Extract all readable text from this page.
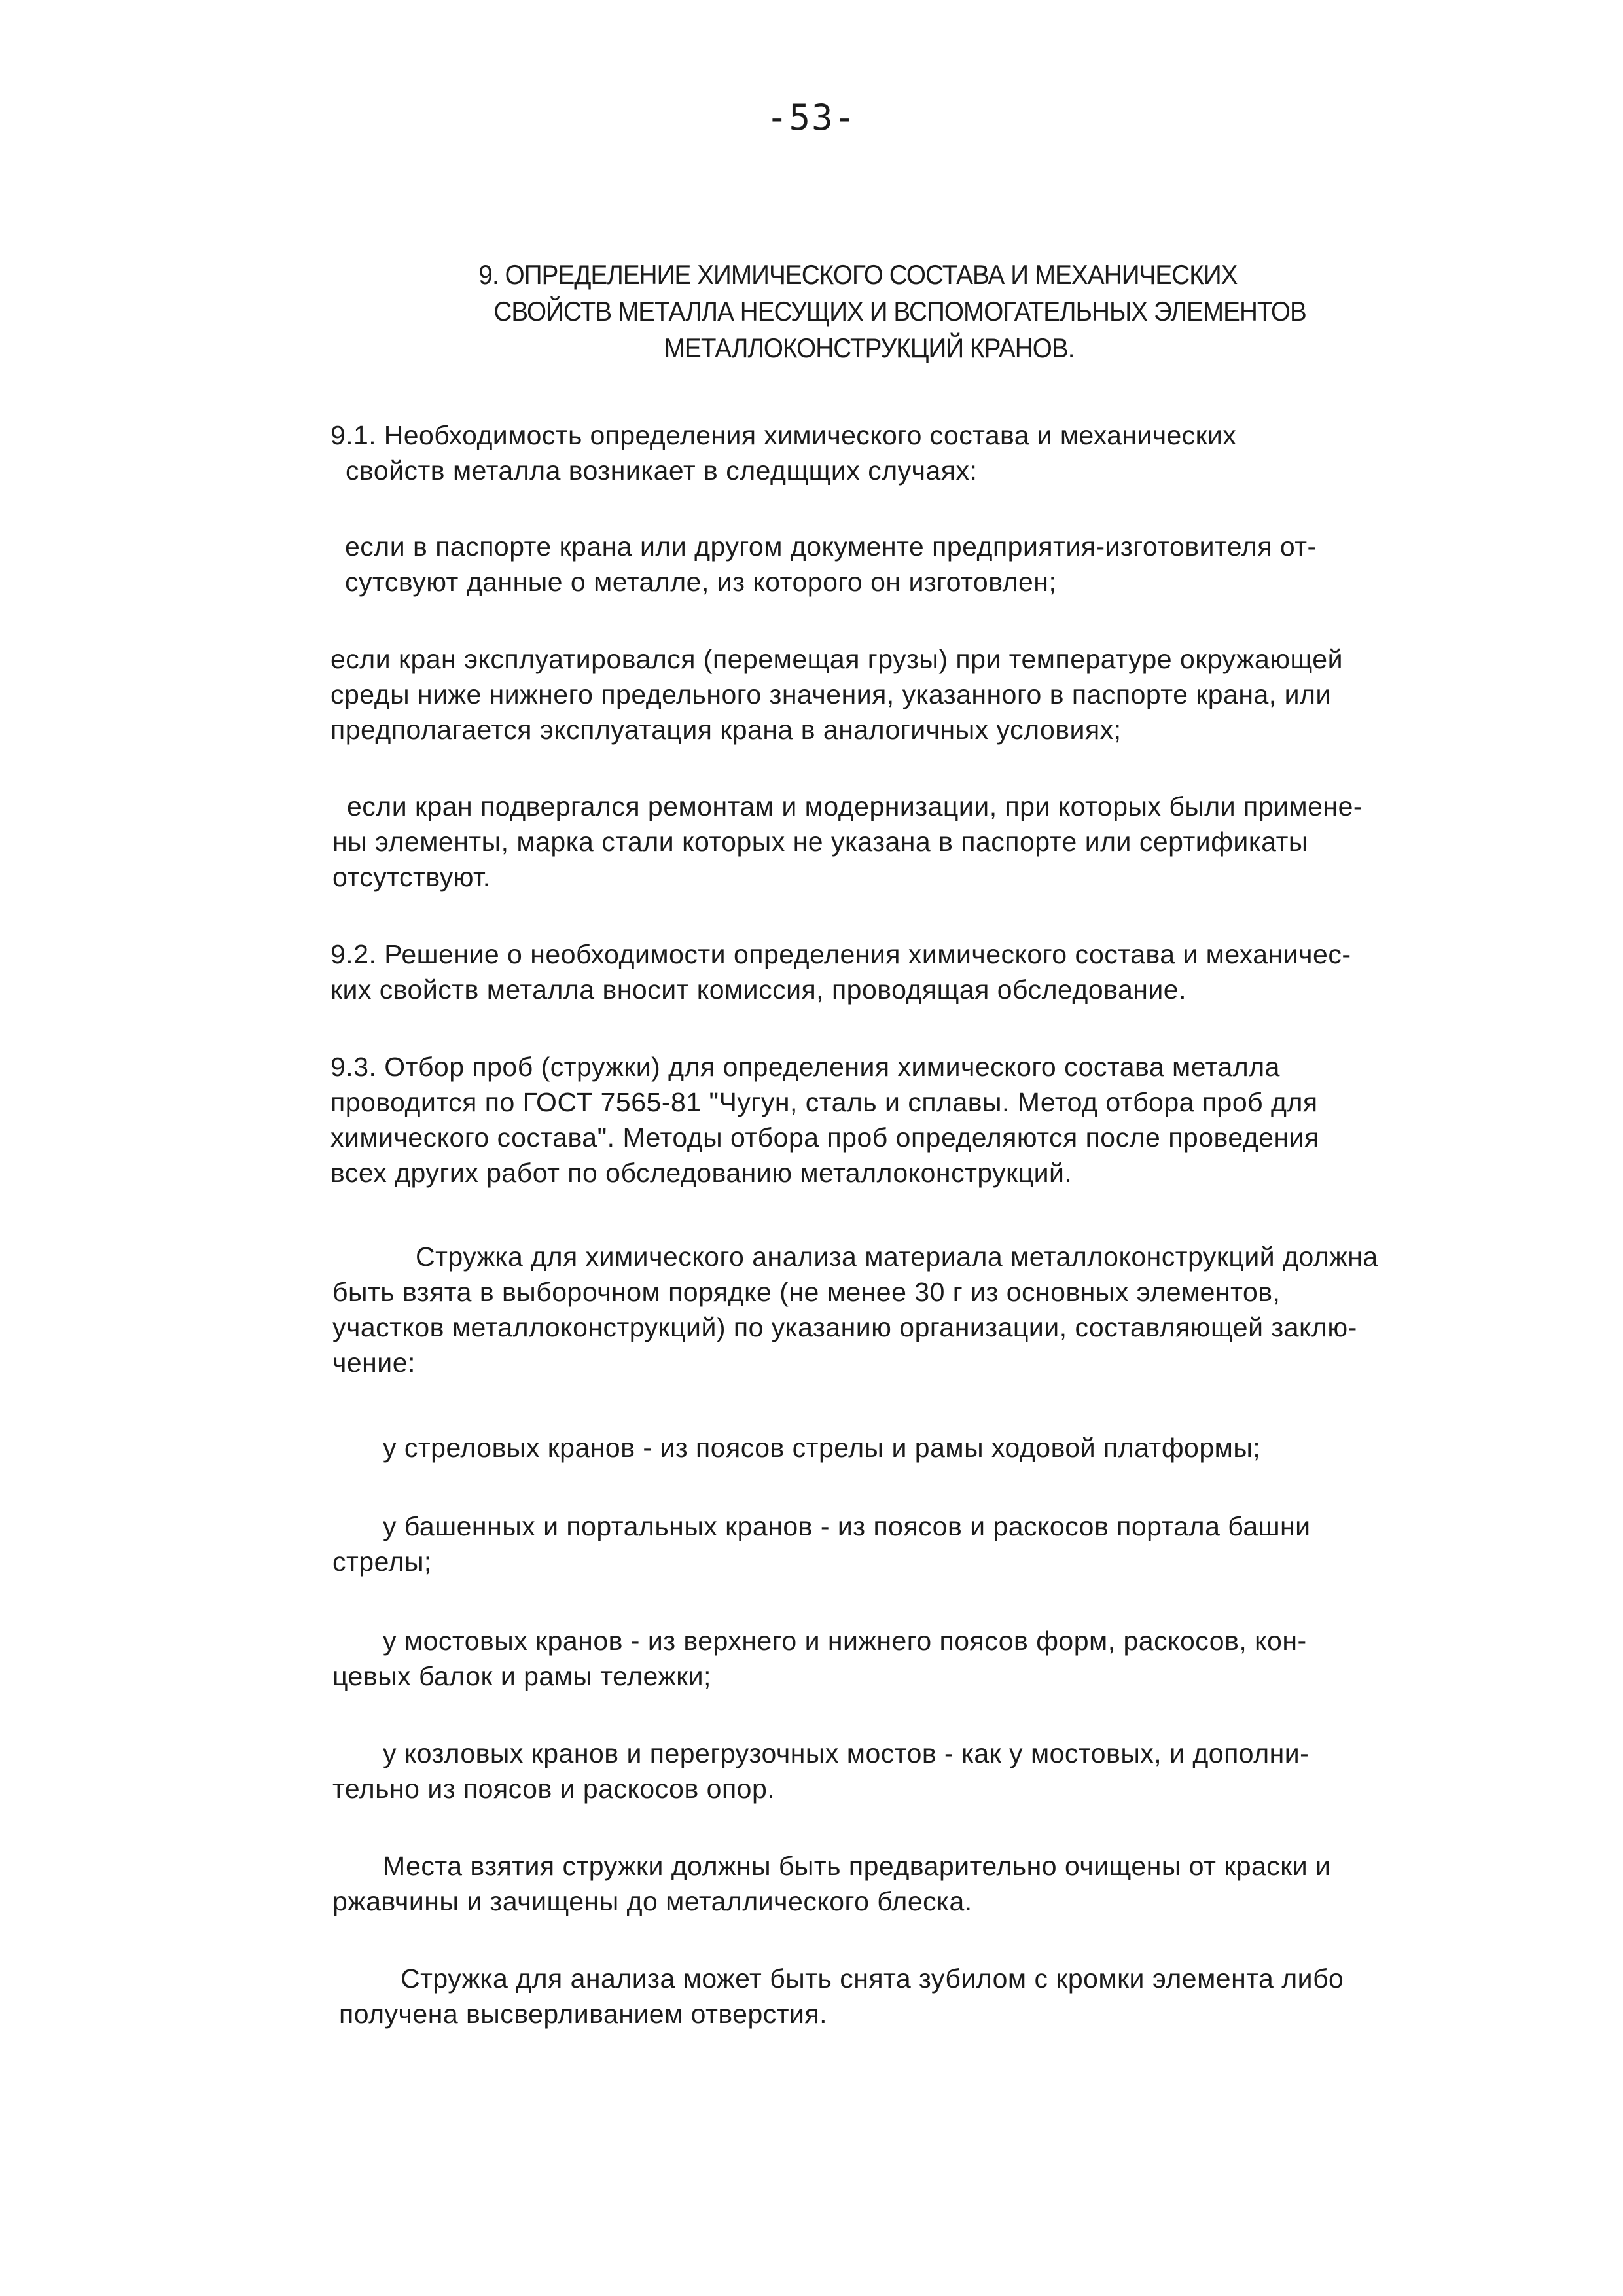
-53-
9. ОПРЕДЕЛЕНИЕ ХИМИЧЕСКОГО СОСТАВА И МЕХАНИЧЕСКИХ
СВОЙСТВ МЕТАЛЛА НЕСУЩИХ И ВСПОМОГАТЕЛЬНЫХ ЭЛЕМЕНТОВ
МЕТАЛЛОКОНСТРУКЦИЙ КРАНОВ.
9.1. Необходимость определения химического состава и механических
свойств металла возникает в следщщих случаях:
если в паспорте крана или другом документе предприятия-изготовителя от-
сутсвуют данные о металле, из которого он изготовлен;
если кран эксплуатировался (перемещая грузы) при температуре окружающей
среды ниже нижнего предельного значения, указанного в паспорте крана, или
предполагается эксплуатация крана в аналогичных условиях;
если кран подвергался ремонтам и модернизации, при которых были примене-
ны элементы, марка стали которых не указана в паспорте или сертификаты
отсутствуют.
9.2. Решение о необходимости определения химического состава и механичес-
ких свойств металла вносит комиссия, проводящая обследование.
9.3. Отбор проб (стружки) для определения химического состава металла
проводится по ГОСТ 7565-81 "Чугун, сталь и сплавы. Метод отбора проб для
химического состава". Методы отбора проб определяются после проведения
всех других работ по обследованию металлоконструкций.
Стружка для химического анализа материала металлоконструкций должна
быть взята в выборочном порядке (не менее 30 г из основных элементов,
участков металлоконструкций) по указанию организации, составляющей заклю-
чение:
у стреловых кранов - из поясов стрелы и рамы ходовой платформы;
у башенных и портальных кранов - из поясов и раскосов портала башни
стрелы;
у мостовых кранов - из верхнего и нижнего поясов форм, раскосов, кон-
цевых балок и рамы тележки;
у козловых кранов и перегрузочных мостов - как у мостовых, и дополни-
тельно из поясов и раскосов опор.
Места взятия стружки должны быть предварительно очищены от краски и
ржавчины и зачищены до металлического блеска.
Стружка для анализа может быть снята зубилом с кромки элемента либо
получена высверливанием отверстия.
